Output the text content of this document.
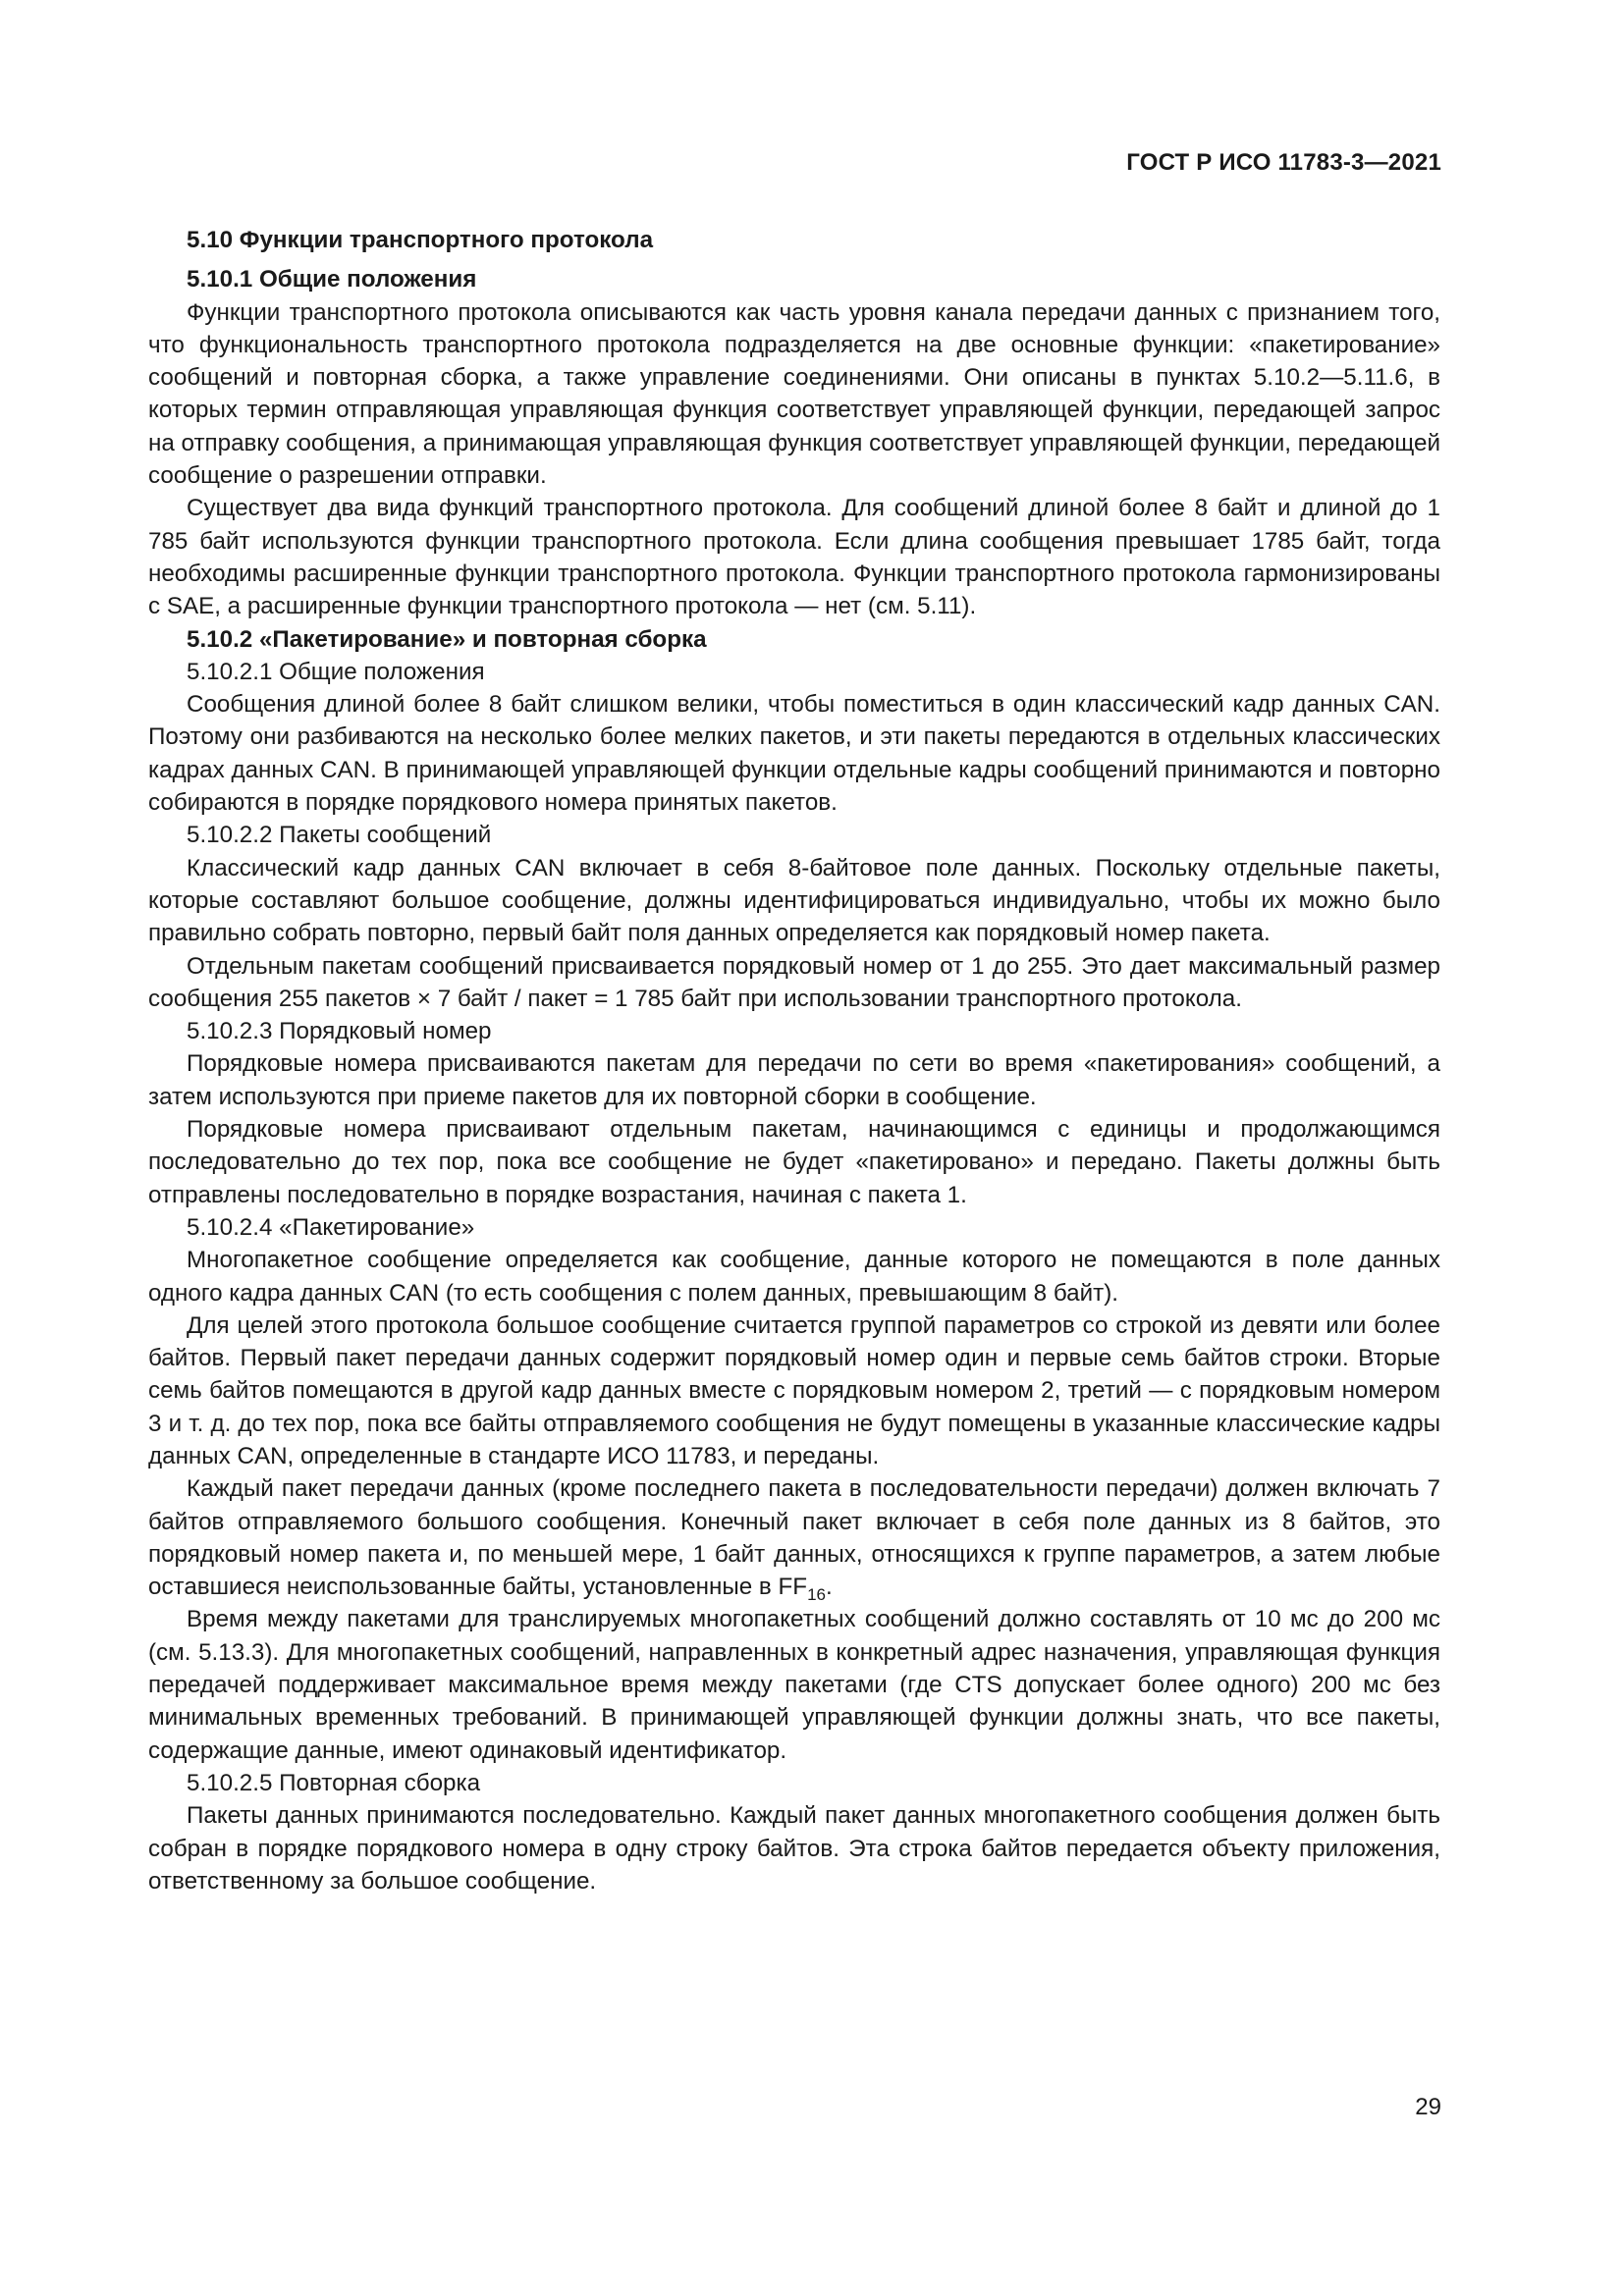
ГОСТ Р ИСО 11783-3—2021

5.10 Функции транспортного протокола

5.10.1 Общие положения

Функции транспортного протокола описываются как часть уровня канала передачи данных с признанием того, что функциональность транспортного протокола подразделяется на две основные функции: «пакетирование» сообщений и повторная сборка, а также управление соединениями. Они описаны в пунктах 5.10.2—5.11.6, в которых термин отправляющая управляющая функция соответствует управляющей функции, передающей запрос на отправку сообщения, а принимающая управляющая функция соответствует управляющей функции, передающей сообщение о разрешении отправки.

Существует два вида функций транспортного протокола. Для сообщений длиной более 8 байт и длиной до 1 785 байт используются функции транспортного протокола. Если длина сообщения превышает 1785 байт, тогда необходимы расширенные функции транспортного протокола. Функции транспортного протокола гармонизированы с SAE, а расширенные функции транспортного протокола — нет (см. 5.11).

5.10.2 «Пакетирование» и повторная сборка

5.10.2.1 Общие положения

Сообщения длиной более 8 байт слишком велики, чтобы поместиться в один классический кадр данных CAN. Поэтому они разбиваются на несколько более мелких пакетов, и эти пакеты передаются в отдельных классических кадрах данных CAN. В принимающей управляющей функции отдельные кадры сообщений принимаются и повторно собираются в порядке порядкового номера принятых пакетов.

5.10.2.2 Пакеты сообщений

Классический кадр данных CAN включает в себя 8-байтовое поле данных. Поскольку отдельные пакеты, которые составляют большое сообщение, должны идентифицироваться индивидуально, чтобы их можно было правильно собрать повторно, первый байт поля данных определяется как порядковый номер пакета.

Отдельным пакетам сообщений присваивается порядковый номер от 1 до 255. Это дает максимальный размер сообщения 255 пакетов × 7 байт / пакет = 1 785 байт при использовании транспортного протокола.

5.10.2.3 Порядковый номер

Порядковые номера присваиваются пакетам для передачи по сети во время «пакетирования» сообщений, а затем используются при приеме пакетов для их повторной сборки в сообщение.

Порядковые номера присваивают отдельным пакетам, начинающимся с единицы и продолжающимся последовательно до тех пор, пока все сообщение не будет «пакетировано» и передано. Пакеты должны быть отправлены последовательно в порядке возрастания, начиная с пакета 1.

5.10.2.4 «Пакетирование»

Многопакетное сообщение определяется как сообщение, данные которого не помещаются в поле данных одного кадра данных CAN (то есть сообщения с полем данных, превышающим 8 байт).

Для целей этого протокола большое сообщение считается группой параметров со строкой из девяти или более байтов. Первый пакет передачи данных содержит порядковый номер один и первые семь байтов строки. Вторые семь байтов помещаются в другой кадр данных вместе с порядковым номером 2, третий — с порядковым номером 3 и т. д. до тех пор, пока все байты отправляемого сообщения не будут помещены в указанные классические кадры данных CAN, определенные в стандарте ИСО 11783, и переданы.

Каждый пакет передачи данных (кроме последнего пакета в последовательности передачи) должен включать 7 байтов отправляемого большого сообщения. Конечный пакет включает в себя поле данных из 8 байтов, это порядковый номер пакета и, по меньшей мере, 1 байт данных, относящихся к группе параметров, а затем любые оставшиеся неиспользованные байты, установленные в $FF_{16}$.

Время между пакетами для транслируемых многопакетных сообщений должно составлять от 10 мс до 200 мс (см. 5.13.3). Для многопакетных сообщений, направленных в конкретный адрес назначения, управляющая функция передачей поддерживает максимальное время между пакетами (где CTS допускает более одного) 200 мс без минимальных временных требований. В принимающей управляющей функции должны знать, что все пакеты, содержащие данные, имеют одинаковый идентификатор.

5.10.2.5 Повторная сборка

Пакеты данных принимаются последовательно. Каждый пакет данных многопакетного сообщения должен быть собран в порядке порядкового номера в одну строку байтов. Эта строка байтов передается объекту приложения, ответственному за большое сообщение.

29
